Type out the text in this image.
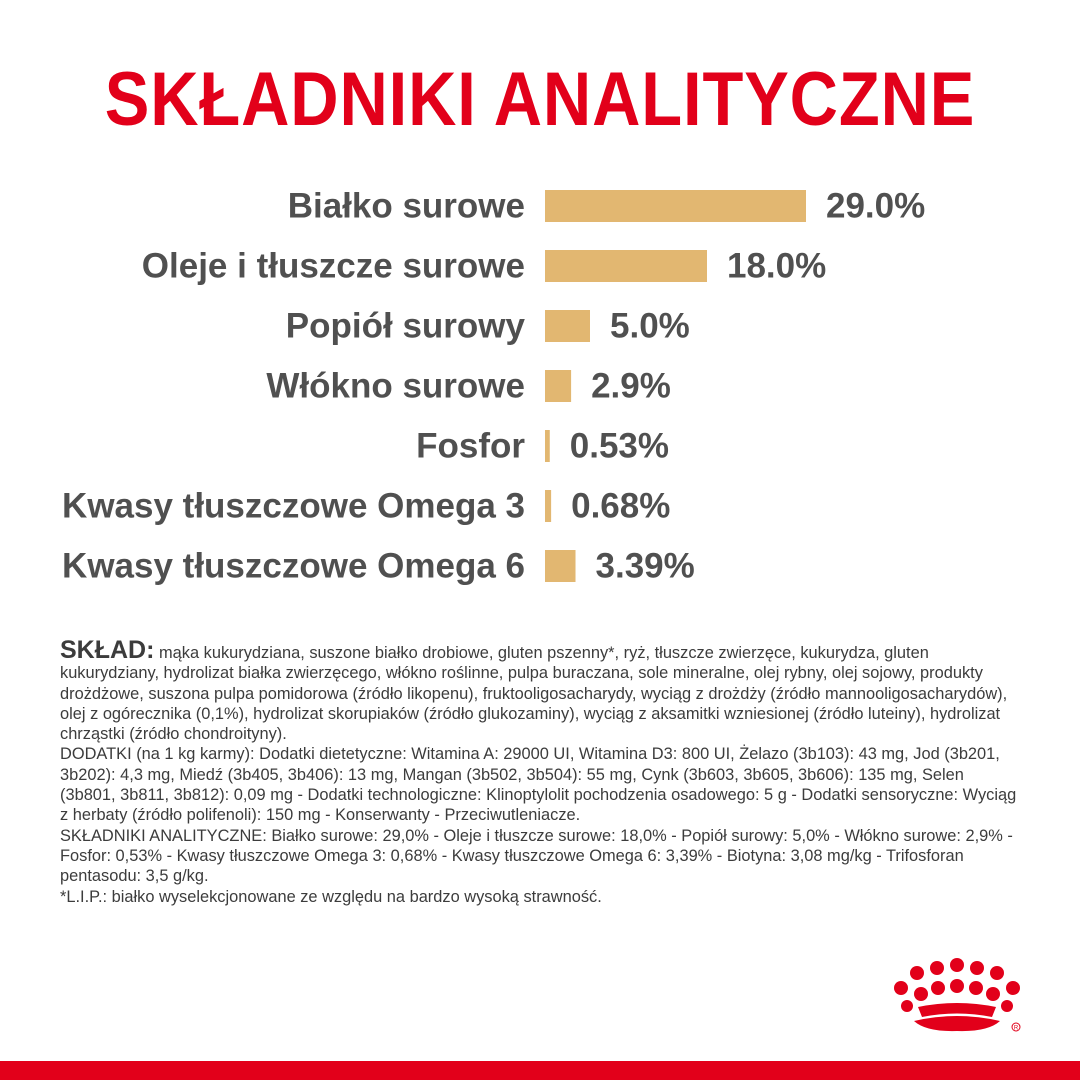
SKŁADNIKI ANALITYCZNE
Białko surowe	29.0%
Oleje i tłuszcze surowe	18.0%
Popiół surowy 5.0%
Włókno surowe 2.9%
Fosfor 0.53%
Kwasy tłuszczowe Omega 3 0.68%
Kwasy tłuszczowe Omega 6 3.39%

SKŁAD: mąka kukurydziana, suszone białko drobiowe, gluten pszenny*, ryż, tłuszcze zwierzęce, kukurydza, gluten kukurydziany, hydrolizat białka zwierzęcego, włókno roślinne, pulpa buraczana, sole mineralne, olej rybny, olej sojowy, produkty drożdżowe, suszona pulpa pomidorowa (źródło likopenu), fruktooligosacharydy, wyciąg z drożdży (źródło mannooligosacharydów), olej z ogórecznika (0,1%), hydrolizat skorupiaków (źródło glukozaminy), wyciąg z aksamitki wzniesionej (źródło luteiny), hydrolizat chrząstki (źródło chondroityny).

DODATKI (na 1 kg karmy): Dodatki dietetyczne: Witamina A: 29000 UI, Witamina D3: 800 UI, Żelazo (3b103): 43 mg, Jod (3b201, 3b202): 4,3 mg, Miedź (3b405, 3b406): 13 mg, Mangan (3b502, 3b504): 55 mg, Cynk (3b603, 3b605, 3b606): 135 mg, Selen (3b801, 3b811, 3b812): 0,09 mg - Dodatki technologiczne: Klinoptylolit pochodzenia osadowego: 5 g - Dodatki sensoryczne: Wyciąg z herbaty (źródło polifenoli): 150 mg - Konserwanty - Przeciwutleniacze.

SKŁADNIKI ANALITYCZNE: Białko surowe: 29,0% - Oleje i tłuszcze surowe: 18,0% - Popiół surowy: 5,0% - Włókno surowe: 2,9% - Fosfor: 0,53% - Kwasy tłuszczowe Omega 3: 0,68% - Kwasy tłuszczowe Omega 6: 3,39% - Biotyna: 3,08 mg/kg - Trifosforan pentasodu: 3,5 g/kg.

*L.I.P.: białko wyselekcjonowane ze względu na bardzo wysoką strawność.

R
